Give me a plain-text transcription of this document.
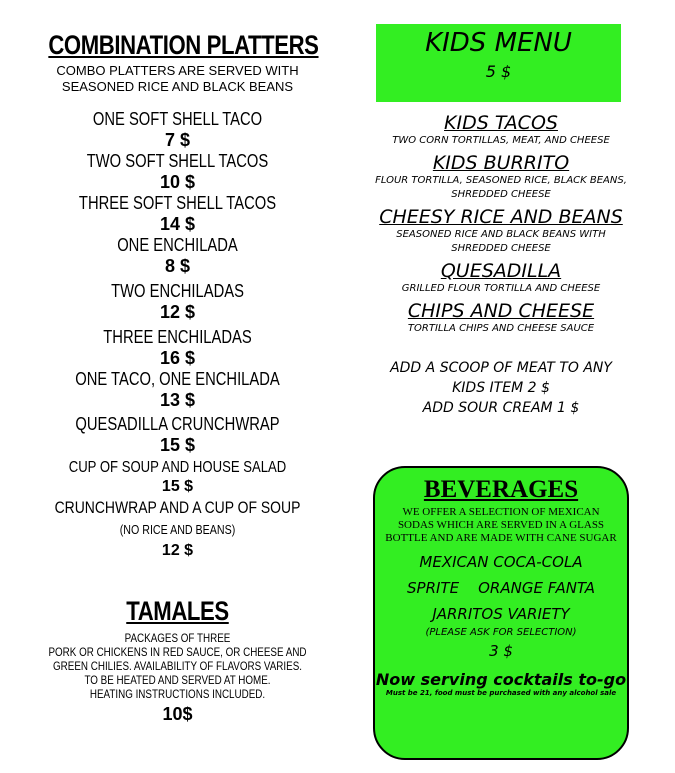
COMBINATION PLATTERS
COMBO PLATTERS ARE SERVED WITH SEASONED RICE AND BLACK BEANS
ONE SOFT SHELL TACO
7 $
TWO SOFT SHELL TACOS
10 $
THREE SOFT SHELL TACOS
14 $
ONE ENCHILADA
8 $
TWO ENCHILADAS
12 $
THREE ENCHILADAS
16 $
ONE TACO, ONE ENCHILADA
13 $
QUESADILLA CRUNCHWRAP
15 $
CUP OF SOUP AND HOUSE SALAD
15 $
CRUNCHWRAP AND A CUP OF SOUP
(NO RICE AND BEANS)
12 $
TAMALES
PACKAGES OF THREE
PORK OR CHICKENS IN RED SAUCE, OR CHEESE AND
GREEN CHILIES. AVAILABILITY OF FLAVORS VARIES.
TO BE HEATED AND SERVED AT HOME.
HEATING INSTRUCTIONS INCLUDED.
10$
KIDS MENU
5 $
KIDS TACOS
TWO CORN TORTILLAS, MEAT, AND CHEESE
KIDS BURRITO
FLOUR TORTILLA, SEASONED RICE, BLACK BEANS,
SHREDDED CHEESE
CHEESY RICE AND BEANS
SEASONED RICE AND BLACK BEANS WITH
SHREDDED CHEESE
QUESADILLA
GRILLED FLOUR TORTILLA AND CHEESE
CHIPS AND CHEESE
TORTILLA CHIPS AND CHEESE SAUCE
ADD A SCOOP OF MEAT TO ANY
KIDS ITEM 2 $
ADD SOUR CREAM 1 $
BEVERAGES
WE OFFER A SELECTION OF MEXICAN SODAS WHICH ARE SERVED IN A GLASS BOTTLE AND ARE MADE WITH CANE SUGAR
MEXICAN COCA-COLA
SPRITE    ORANGE FANTA
JARRITOS VARIETY
(PLEASE ASK FOR SELECTION)
3 $
Now serving cocktails to-go
Must be 21, food must be purchased with any alcohol sale
